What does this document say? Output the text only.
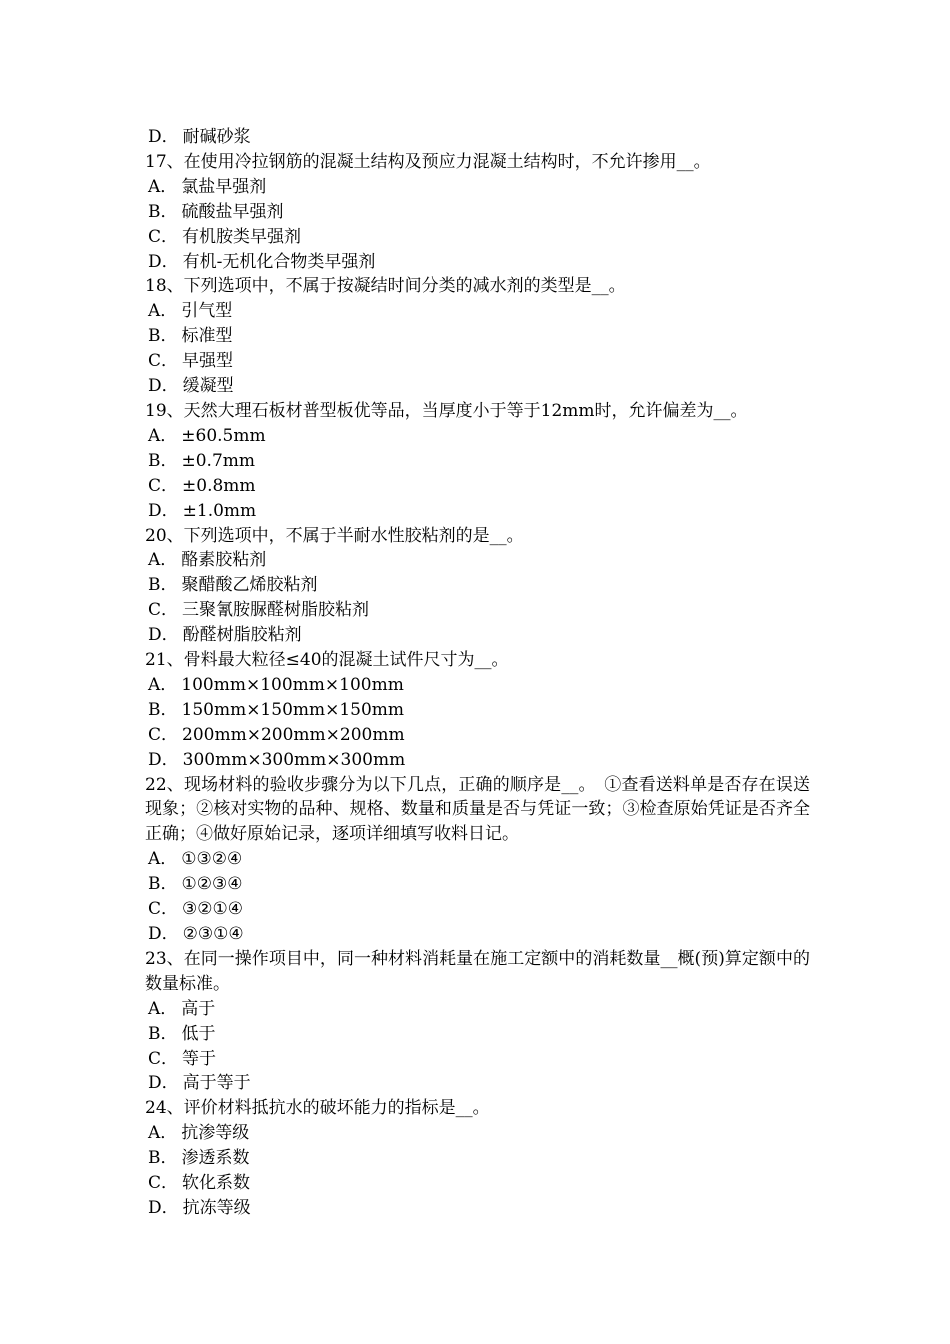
D． 耐碱砂浆
17、在使用冷拉钢筋的混凝土结构及预应力混凝土结构时，不允许掺用__。
A． 氯盐早强剂
B． 硫酸盐早强剂
C． 有机胺类早强剂
D． 有机-无机化合物类早强剂
18、下列选项中，不属于按凝结时间分类的减水剂的类型是__。
A． 引气型
B． 标准型
C． 早强型
D． 缓凝型
19、天然大理石板材普型板优等品，当厚度小于等于12mm时，允许偏差为__。
A． ±60.5mm
B． ±0.7mm
C． ±0.8mm
D． ±1.0mm
20、下列选项中，不属于半耐水性胶粘剂的是__。
A． 酪素胶粘剂
B． 聚醋酸乙烯胶粘剂
C． 三聚氰胺脲醛树脂胶粘剂
D． 酚醛树脂胶粘剂
21、骨料最大粒径≤40的混凝土试件尺寸为__。
A． 100mm×100mm×100mm
B． 150mm×150mm×150mm
C． 200mm×200mm×200mm
D． 300mm×300mm×300mm
22、现场材料的验收步骤分为以下几点，正确的顺序是__。　①查看送料单是否存在误送现象；②核对实物的品种、规格、数量和质量是否与凭证一致；③检查原始凭证是否齐全正确；④做好原始记录，逐项详细填写收料日记。
A． ①③②④
B． ①②③④
C． ③②①④
D． ②③①④
23、在同一操作项目中，同一种材料消耗量在施工定额中的消耗数量__概(预)算定额中的数量标准。
A． 高于
B． 低于
C． 等于
D． 高于等于
24、评价材料抵抗水的破坏能力的指标是__。
A． 抗渗等级
B． 渗透系数
C． 软化系数
D． 抗冻等级
